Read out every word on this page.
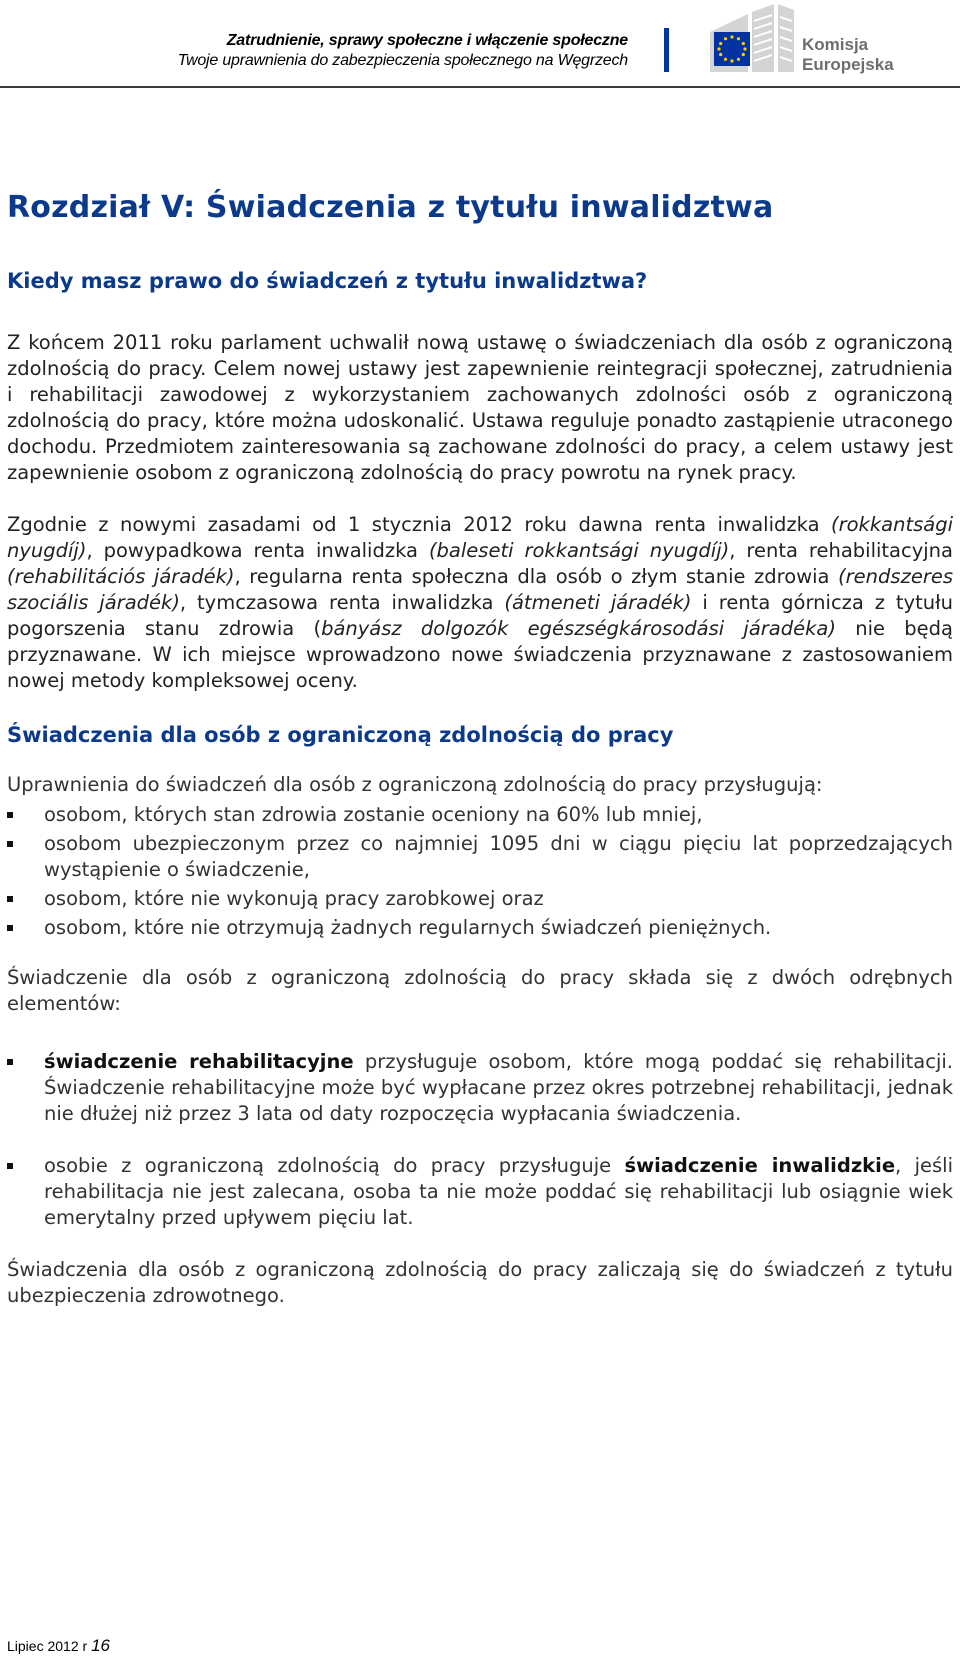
Zatrudnienie, sprawy społeczne i włączenie społeczne
Twoje uprawnienia do zabezpieczenia społecznego na Węgrzech
Komisja
Europejska
Rozdział V: Świadczenia z tytułu inwalidztwa
Kiedy masz prawo do świadczeń z tytułu inwalidztwa?

Z końcem 2011 roku parlament uchwalił nową ustawę o świadczeniach dla osób z ograniczoną zdolnością do pracy. Celem nowej ustawy jest zapewnienie reintegracji społecznej, zatrudnienia i rehabilitacji zawodowej z wykorzystaniem zachowanych zdolności osób z ograniczoną zdolnością do pracy, które można udoskonalić. Ustawa reguluje ponadto zastąpienie utraconego dochodu. Przedmiotem zainteresowania są zachowane zdolności do pracy, a celem ustawy jest zapewnienie osobom z ograniczoną zdolnością do pracy powrotu na rynek pracy.

Zgodnie z nowymi zasadami od 1 stycznia 2012 roku dawna renta inwalidzka (rokkantsági nyugdíj), powypadkowa renta inwalidzka (baleseti rokkantsági nyugdíj), renta rehabilitacyjna (rehabilitációs járadék), regularna renta społeczna dla osób o złym stanie zdrowia (rendszeres szociális járadék), tymczasowa renta inwalidzka (átmeneti járadék) i renta górnicza z tytułu pogorszenia stanu zdrowia (bányász dolgozók egészségkárosodási járadéka) nie będą przyznawane. W ich miejsce wprowadzono nowe świadczenia przyznawane z zastosowaniem nowej metody kompleksowej oceny.

Świadczenia dla osób z ograniczoną zdolnością do pracy

Uprawnienia do świadczeń dla osób z ograniczoną zdolnością do pracy przysługują:

osobom, których stan zdrowia zostanie oceniony na 60% lub mniej,
osobom ubezpieczonym przez co najmniej 1095 dni w ciągu pięciu lat poprzedzających wystąpienie o świadczenie,
osobom, które nie wykonują pracy zarobkowej oraz
osobom, które nie otrzymują żadnych regularnych świadczeń pieniężnych.

Świadczenie dla osób z ograniczoną zdolnością do pracy składa się z dwóch odrębnych elementów:

świadczenie rehabilitacyjne przysługuje osobom, które mogą poddać się rehabilitacji. Świadczenie rehabilitacyjne może być wypłacane przez okres potrzebnej rehabilitacji, jednak nie dłużej niż przez 3 lata od daty rozpoczęcia wypłacania świadczenia.
osobie z ograniczoną zdolnością do pracy przysługuje świadczenie inwalidzkie, jeśli rehabilitacja nie jest zalecana, osoba ta nie może poddać się rehabilitacji lub osiągnie wiek emerytalny przed upływem pięciu lat.

Świadczenia dla osób z ograniczoną zdolnością do pracy zaliczają się do świadczeń z tytułu ubezpieczenia zdrowotnego.

Lipiec 2012 r 16
